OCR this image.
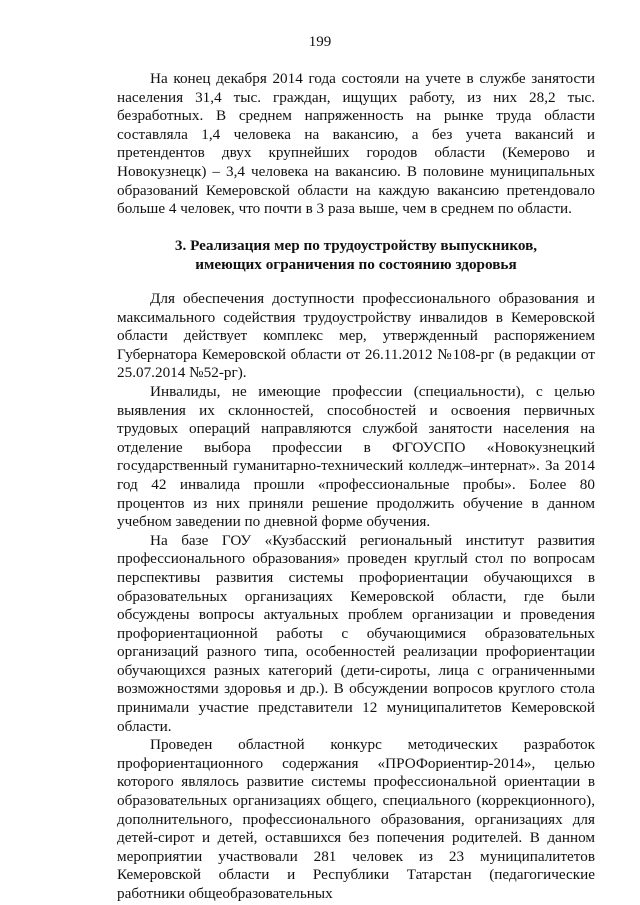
199

На конец декабря 2014 года состояли на учете в службе занятости населения 31,4 тыс. граждан, ищущих работу, из них 28,2 тыс. безработных. В среднем напряженность на рынке труда области составляла 1,4 человека на вакансию, а без учета вакансий и претендентов двух крупнейших городов области (Кемерово и Новокузнецк) – 3,4 человека на вакансию. В половине муниципальных образований Кемеровской области на каждую вакансию претендовало больше 4 человек, что почти в 3 раза выше, чем в среднем по области.

3. Реализация мер по трудоустройству выпускников,
имеющих ограничения по состоянию здоровья

Для обеспечения доступности профессионального образования и максимального содействия трудоустройству инвалидов в Кемеровской области действует комплекс мер, утвержденный распоряжением Губернатора Кемеровской области от 26.11.2012 №108-рг (в редакции от 25.07.2014 №52-рг).

Инвалиды, не имеющие профессии (специальности), с целью выявления их склонностей, способностей и освоения первичных трудовых операций направляются службой занятости населения на отделение выбора профессии в ФГОУСПО «Новокузнецкий государственный гуманитарно-технический колледж–интернат». За 2014 год 42 инвалида прошли «профессиональные пробы». Более 80 процентов из них приняли решение продолжить обучение в данном учебном заведении по дневной форме обучения.

На базе ГОУ «Кузбасский региональный институт развития профессионального образования» проведен круглый стол по вопросам перспективы развития системы профориентации обучающихся в образовательных организациях Кемеровской области, где были обсуждены вопросы актуальных проблем организации и проведения профориентационной работы с обучающимися образовательных организаций разного типа, особенностей реализации профориентации обучающихся разных категорий (дети-сироты, лица с ограниченными возможностями здоровья и др.). В обсуждении вопросов круглого стола принимали участие представители 12 муниципалитетов Кемеровской области.

Проведен областной конкурс методических разработок профориентационного содержания «ПРОФориентир-2014», целью которого являлось развитие системы профессиональной ориентации в образовательных организациях общего, специального (коррекционного), дополнительного, профессионального образования, организациях для детей-сирот и детей, оставшихся без попечения родителей. В данном мероприятии участвовали 281 человек из 23 муниципалитетов Кемеровской области и Республики Татарстан (педагогические работники общеобразовательных
